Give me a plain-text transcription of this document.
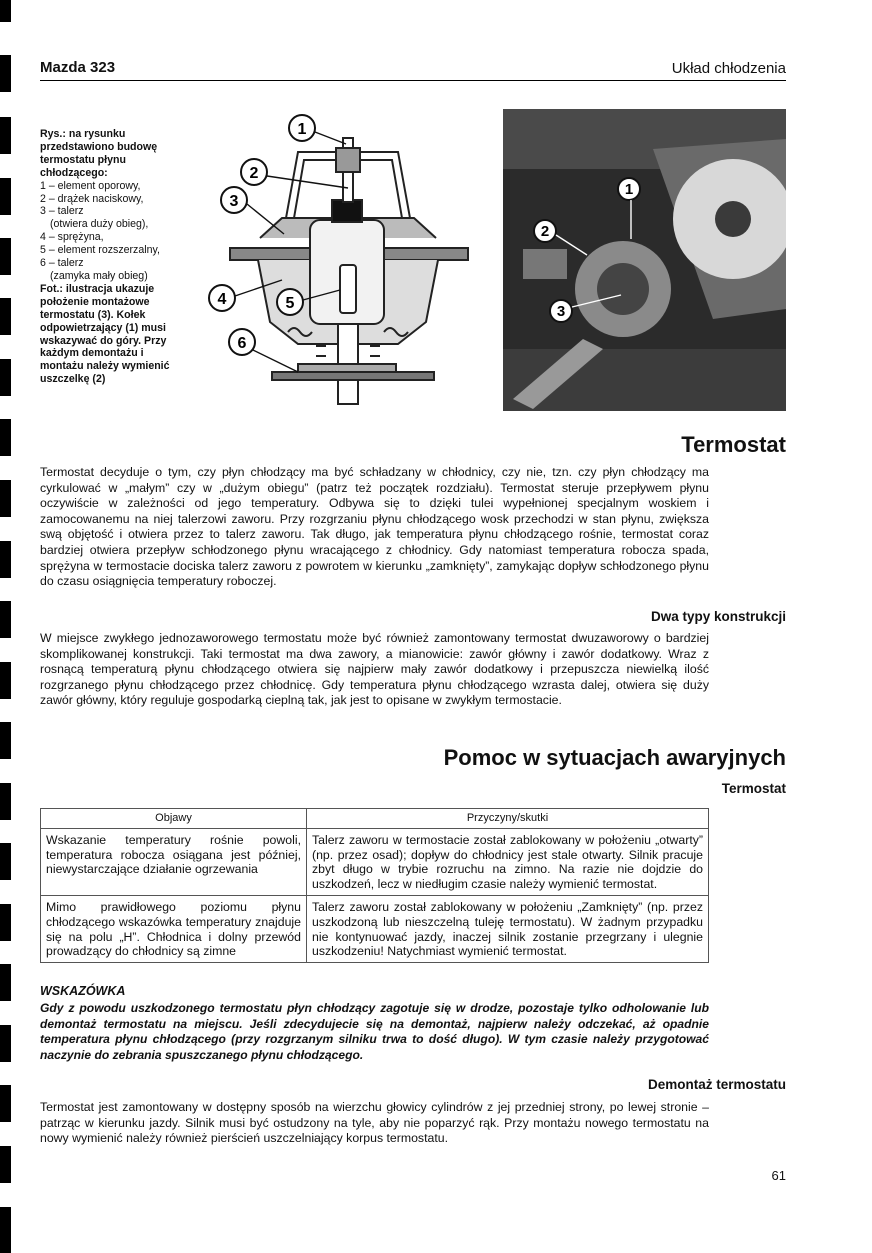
Mazda 323	Układ chłodzenia
Rys.: na rysunku przedstawiono budowę termostatu płynu chłodzącego:
1 – element oporowy,
2 – drążek naciskowy,
3 – talerz
(otwiera duży obieg),
4 – sprężyna,
5 – element rozszerzalny,
6 – talerz
(zamyka mały obieg)
Fot.: ilustracja ukazuje położenie montażowe termostatu (3). Kołek odpowietrzający (1) musi wskazywać do góry. Przy każdym demontażu i montażu należy wymienić uszczelkę (2)
1
2
3
4	5
6
1
2
3
Termostat
Termostat decyduje o tym, czy płyn chłodzący ma być schładzany w chłodnicy, czy nie, tzn. czy płyn chłodzący ma cyrkulować w „małym” czy w „dużym obiegu” (patrz też początek rozdziału). Termostat steruje przepływem płynu oczywiście w zależności od jego temperatury. Odbywa się to dzięki tulei wypełnionej specjalnym woskiem i zamocowanemu na niej talerzowi zaworu. Przy rozgrzaniu płynu chłodzącego wosk przechodzi w stan płynu, zwiększa swą objętość i otwiera przez to talerz zaworu. Tak długo, jak temperatura płynu chłodzącego rośnie, termostat coraz bardziej otwiera przepływ schłodzonego płynu wracającego z chłodnicy. Gdy natomiast temperatura robocza spada, sprężyna w termostacie dociska talerz zaworu z powrotem w kierunku „zamknięty”, zamykając dopływ schłodzonego płynu do czasu osiągnięcia temperatury roboczej.
Dwa typy konstrukcji
W miejsce zwykłego jednozaworowego termostatu może być również zamontowany termostat dwuzaworowy o bardziej skomplikowanej konstrukcji. Taki termostat ma dwa zawory, a mianowicie: zawór główny i zawór dodatkowy. Wraz z rosnącą temperaturą płynu chłodzącego otwiera się najpierw mały zawór dodatkowy i przepuszcza niewielką ilość rozgrzanego płynu chłodzącego przez chłodnicę. Gdy temperatura płynu chłodzącego wzrasta dalej, otwiera się duży zawór główny, który reguluje gospodarką cieplną tak, jak jest to opisane w zwykłym termostacie.
Pomoc w sytuacjach awaryjnych
Termostat
Objawy	Przyczyny/skutki
Wskazanie temperatury rośnie powoli, temperatura robocza osiągana jest później, niewystarczające działanie ogrzewania	Talerz zaworu w termostacie został zablokowany w położeniu „otwarty” (np. przez osad); dopływ do chłodnicy jest stale otwarty. Silnik pracuje zbyt długo w trybie rozruchu na zimno. Na razie nie dojdzie do uszkodzeń, lecz w niedługim czasie należy wymienić termostat.
Mimo prawidłowego poziomu płynu chłodzącego wskazówka temperatury znajduje się na polu „H”. Chłodnica i dolny przewód prowadzący do chłodnicy są zimne	Talerz zaworu został zablokowany w położeniu „Zamknięty” (np. przez uszkodzoną lub nieszczelną tuleję termostatu). W żadnym przypadku nie kontynuować jazdy, inaczej silnik zostanie przegrzany i ulegnie uszkodzeniu! Natychmiast wymienić termostat.
WSKAZÓWKA
Gdy z powodu uszkodzonego termostatu płyn chłodzący zagotuje się w drodze, pozostaje tylko odholowanie lub demontaż termostatu na miejscu. Jeśli zdecydujecie się na demontaż, najpierw należy odczekać, aż opadnie temperatura płynu chłodzącego (przy rozgrzanym silniku trwa to dość długo). W tym czasie należy przygotować naczynie do zebrania spuszczanego płynu chłodzącego.
Demontaż termostatu
Termostat jest zamontowany w dostępny sposób na wierzchu głowicy cylindrów z jej przedniej strony, po lewej stronie – patrząc w kierunku jazdy. Silnik musi być ostudzony na tyle, aby nie poparzyć rąk. Przy montażu nowego termostatu na nowy wymienić należy również pierścień uszczelniający korpus termostatu.
61
